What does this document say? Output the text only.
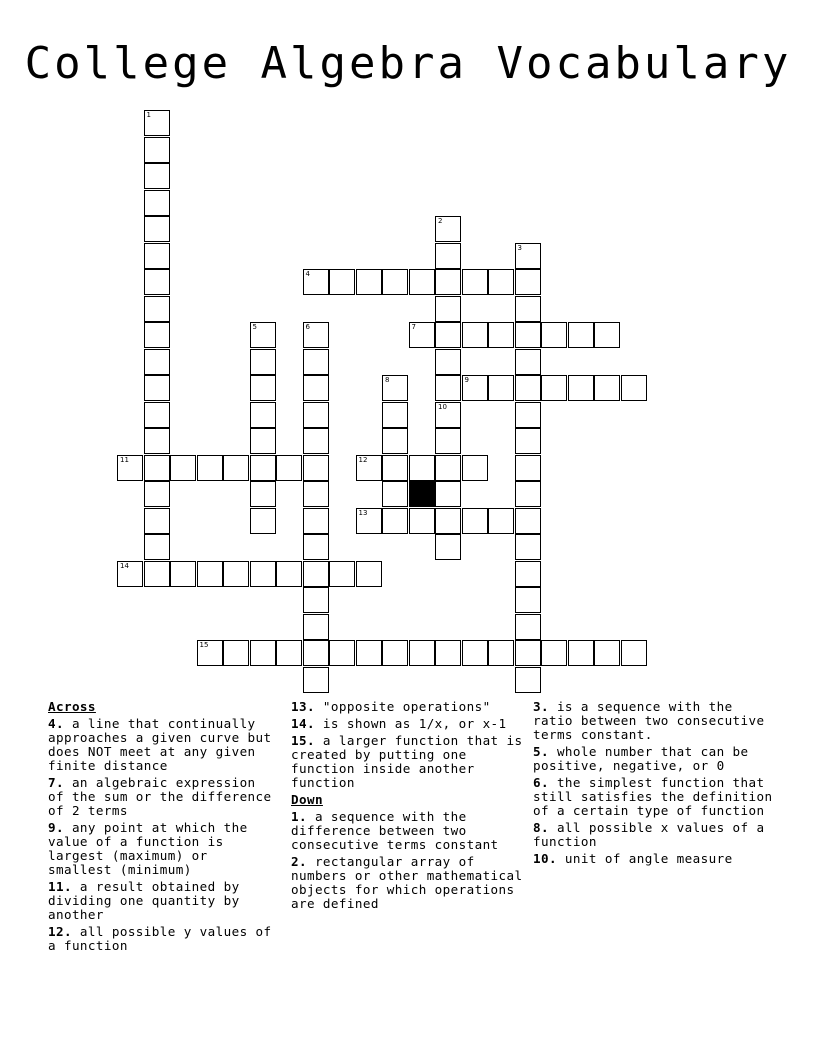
College Algebra Vocabulary
1
2
10
3
4
5	6	7
8	9
11	12
13
14
15
Across
4. a line that continually approaches a given curve but does NOT meet at any given finite distance
7. an algebraic expression of the sum or the difference of 2 terms
9. any point at which the value of a function is largest (maximum) or smallest (minimum)
11. a result obtained by dividing one quantity by another
12. all possible y values of a function
13. "opposite operations"
14. is shown as 1/x, or x-1
15. a larger function that is created by putting one function inside another function
Down
1. a sequence with the difference between two consecutive terms constant
2. rectangular array of numbers or other mathematical objects for which operations are defined
3. is a sequence with the ratio between two consecutive terms constant.
5. whole number that can be positive, negative, or 0
6. the simplest function that still satisfies the definition of a certain type of function
8. all possible x values of a function
10. unit of angle measure
